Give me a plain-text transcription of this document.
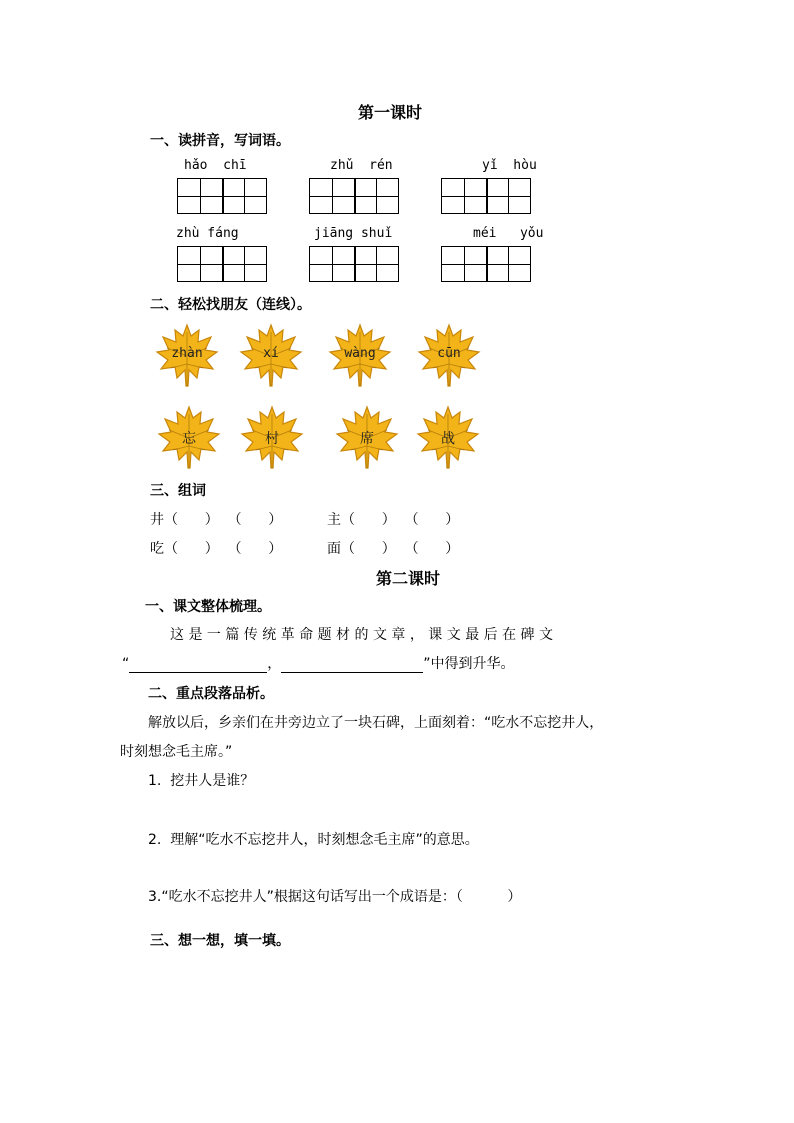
第一课时
一、读拼音，写词语。
hǎo  chī	zhǔ  rén	yǐ  hòu
zhù fáng	jiāng shuǐ	méi   yǒu
二、轻松找朋友（连线）。
zhàn	xí	wàng	cūn
忘	村	席	战
三、组词
井（      ）  （      ）	主（      ）  （      ）
吃（      ）  （      ）	面（      ）  （      ）
第二课时
一、课文整体梳理。
这 是 一 篇 传 统 革 命 题 材 的 文 章 ， 课 文 最 后 在 碑 文
“	，	”中得到升华。
二、重点段落品析。
解放以后，乡亲们在井旁边立了一块石碑，上面刻着：“吃水不忘挖井人，
时刻想念毛主席。”
1.  挖井人是谁？
2.  理解“吃水不忘挖井人，时刻想念毛主席”的意思。
3.“吃水不忘挖井人”根据这句话写出一个成语是：（          ）
三、想一想，填一填。
